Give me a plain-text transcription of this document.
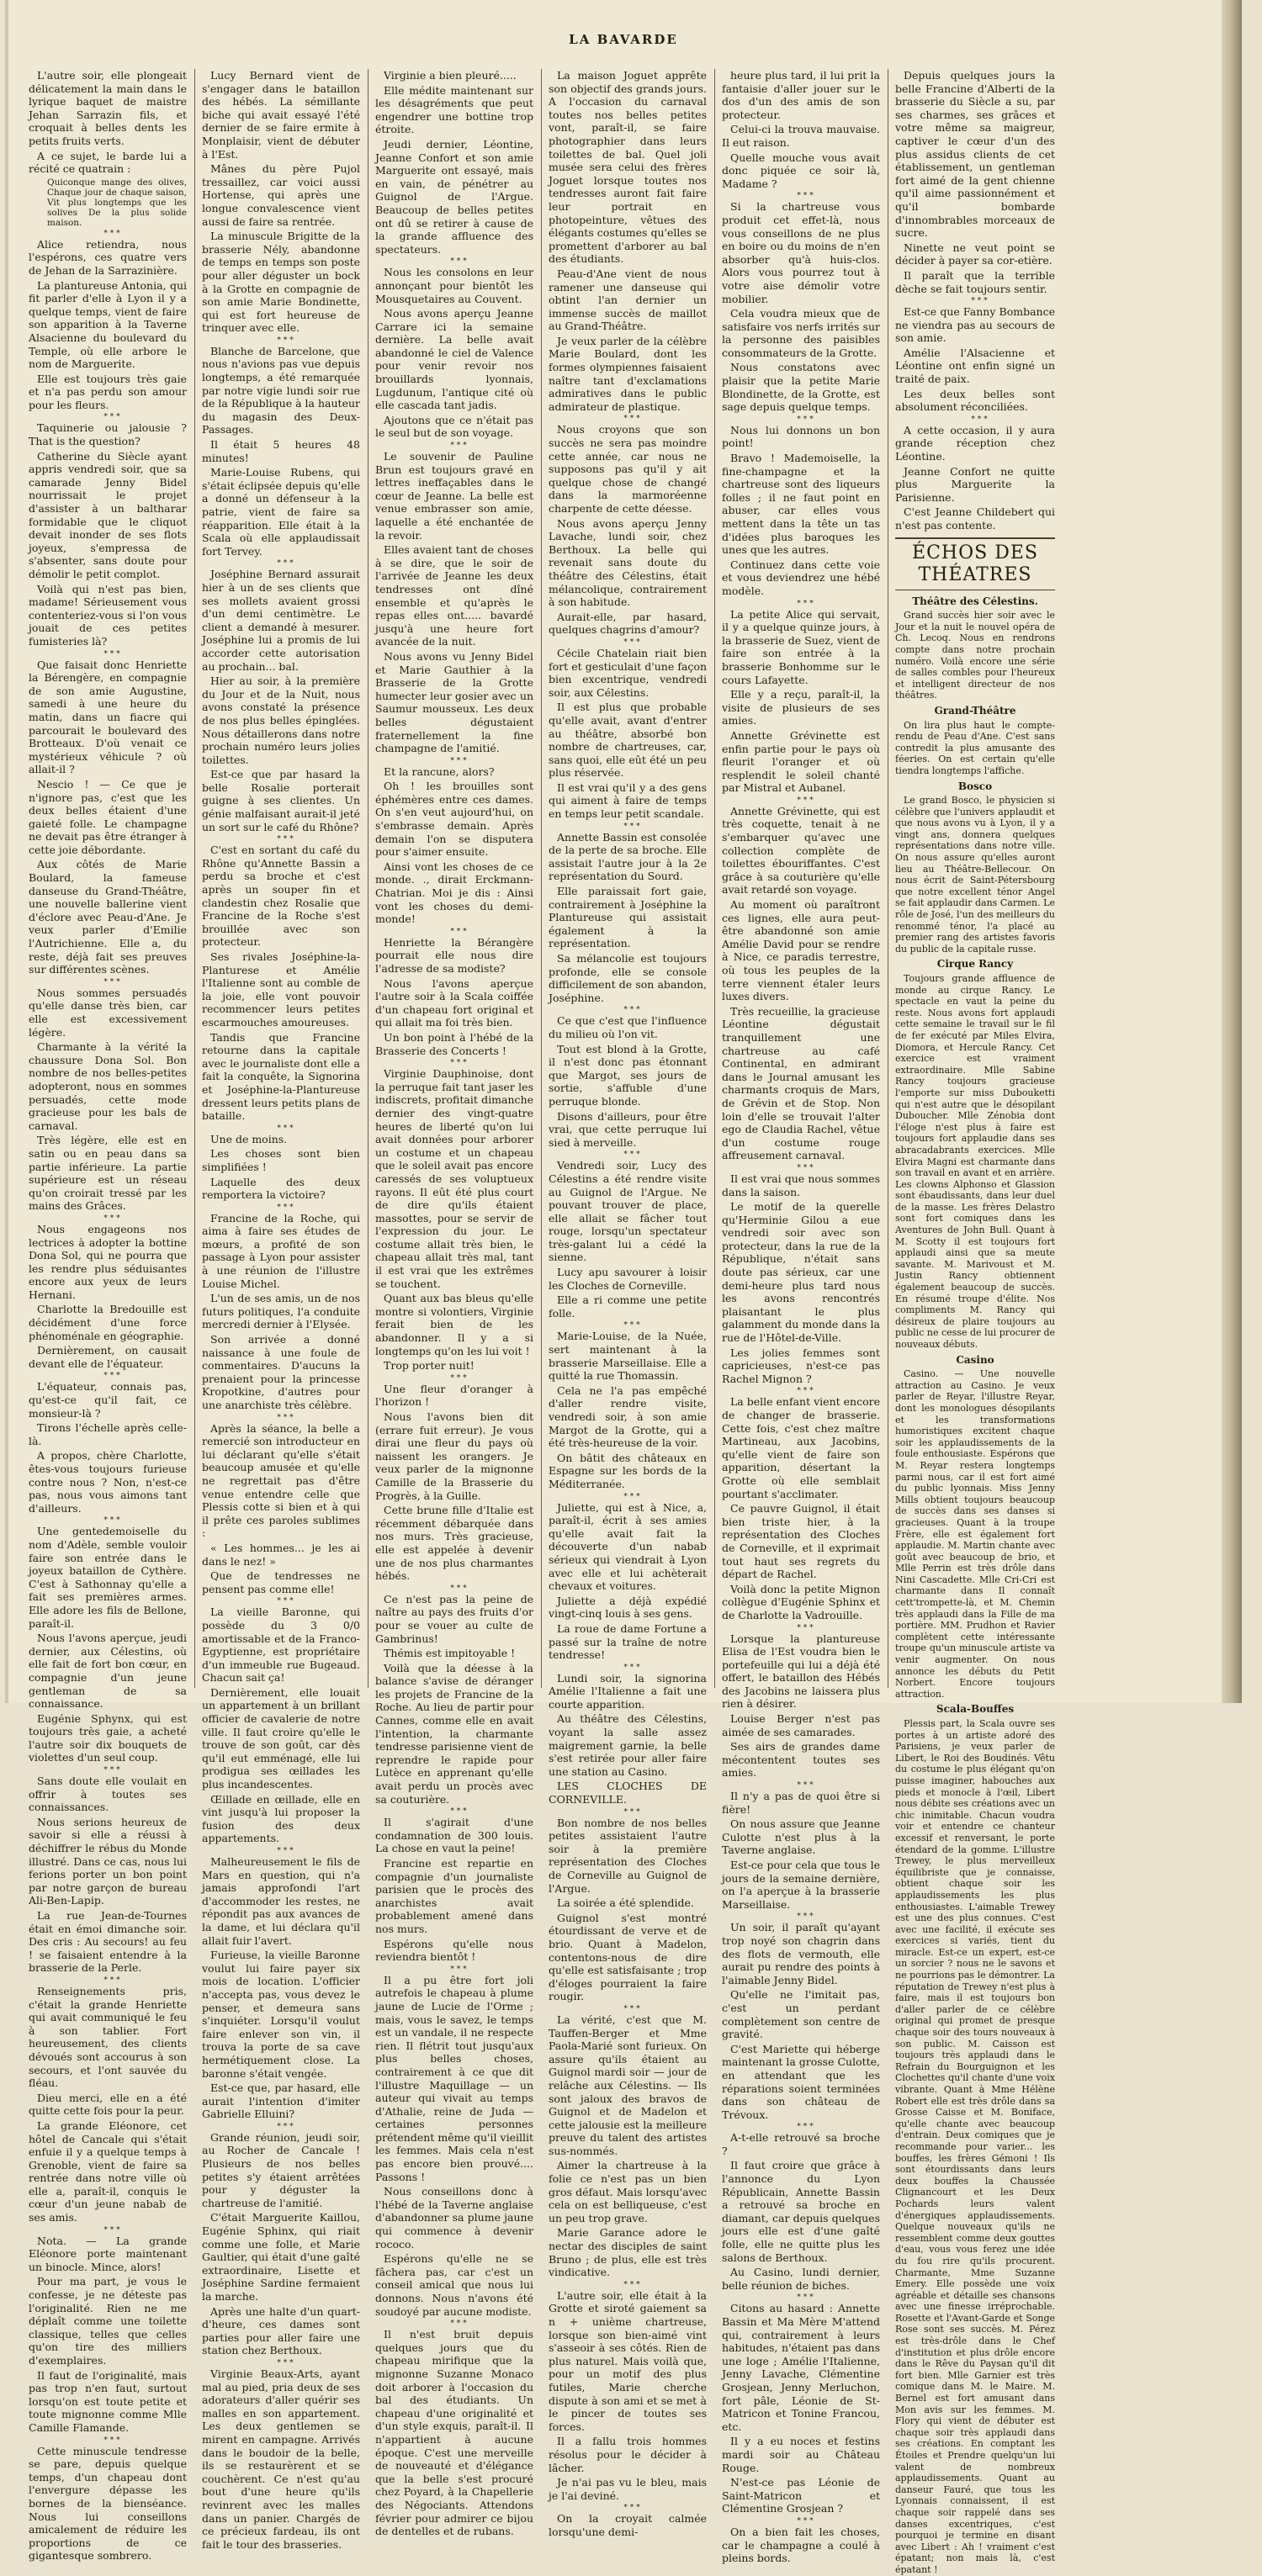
LA BAVARDE

L'autre soir, elle plongeait délicatement la main dans le lyrique baquet de maistre Jehan Sarrazin fils, et croquait à belles dents les petits fruits verts.

A ce sujet, le barde lui a récité ce quatrain :

Quiconque mange des olives, Chaque jour de chaque saison, Vit plus longtemps que les solives De la plus solide maison.

* * *

Alice retiendra, nous l'espérons, ces quatre vers de Jehan de la Sarrazinière.

La plantureuse Antonia, qui fit parler d'elle à Lyon il y a quelque temps, vient de faire son apparition à la Taverne Alsacienne du boulevard du Temple, où elle arbore le nom de Marguerite.

Elle est toujours très gaie et n'a pas perdu son amour pour les fleurs.

* * *

Taquinerie ou jalousie ? That is the question?

Catherine du Siècle ayant appris vendredi soir, que sa camarade Jenny Bidel nourrissait le projet d'assister à un baltharar formidable que le cliquot devait inonder de ses flots joyeux, s'empressa de s'absenter, sans doute pour démolir le petit complot.

Voilà qui n'est pas bien, madame! Sérieusement vous contenteriez-vous si l'on vous jouait de ces petites fumisteries là?

* * *

Que faisait donc Henriette la Bérengère, en compagnie de son amie Augustine, samedi à une heure du matin, dans un fiacre qui parcourait le boulevard des Brotteaux. D'où venait ce mystérieux véhicule ? où allait-il ?

Nescio ! — Ce que je n'ignore pas, c'est que les deux belles étaient d'une gaieté folle. Le champagne ne devait pas être étranger à cette joie débordante.

Aux côtés de Marie Boulard, la fameuse danseuse du Grand-Théâtre, une nouvelle ballerine vient d'éclore avec Peau-d'Ane. Je veux parler d'Emilie l'Autrichienne. Elle a, du reste, déjà fait ses preuves sur différentes scènes.

* * *

Nous sommes persuadés qu'elle danse très bien, car elle est excessivement légère.

Charmante à la vérité la chaussure Dona Sol. Bon nombre de nos belles-petites adopteront, nous en sommes persuadés, cette mode gracieuse pour les bals de carnaval.

Très légère, elle est en satin ou en peau dans sa partie inférieure. La partie supérieure est un réseau qu'on croirait tressé par les mains des Grâces.

* * *

Nous engageons nos lectrices à adopter la bottine Dona Sol, qui ne pourra que les rendre plus séduisantes encore aux yeux de leurs Hernani.

Charlotte la Bredouille est décidément d'une force phénoménale en géographie.

Dernièrement, on causait devant elle de l'équateur.

* * *

L'équateur, connais pas, qu'est-ce qu'il fait, ce monsieur-là ?

Tirons l'échelle après celle-là.

A propos, chère Charlotte, êtes-vous toujours furieuse contre nous ? Non, n'est-ce pas, nous vous aimons tant d'ailleurs.

* * *

Une gentedemoiselle du nom d'Adèle, semble vouloir faire son entrée dans le joyeux bataillon de Cythère. C'est à Sathonnay qu'elle a fait ses premières armes. Elle adore les fils de Bellone, paraît-il.

Nous l'avons aperçue, jeudi dernier, aux Célestins, où elle fait de fort bon cœur, en compagnie d'un jeune gentleman de sa connaissance.

Eugénie Sphynx, qui est toujours très gaie, a acheté l'autre soir dix bouquets de violettes d'un seul coup.

* * *

Sans doute elle voulait en offrir à toutes ses connaissances.

Nous serions heureux de savoir si elle a réussi à déchiffrer le rébus du Monde illustré. Dans ce cas, nous lui ferions porter un bon point par notre garçon de bureau Ali-Ben-Lapip.

La rue Jean-de-Tournes était en émoi dimanche soir. Des cris : Au secours! au feu ! se faisaient entendre à la brasserie de la Perle.

* * *

Renseignements pris, c'était la grande Henriette qui avait communiqué le feu à son tablier. Fort heureusement, des clients dévoués sont accourus à son secours, et l'ont sauvée du fléau.

Dieu merci, elle en a été quitte cette fois pour la peur.

La grande Eléonore, cet hôtel de Cancale qui s'était enfuie il y a quelque temps à Grenoble, vient de faire sa rentrée dans notre ville où elle a, paraît-il, conquis le cœur d'un jeune nabab de ses amis.

* * *

Nota. — La grande Eléonore porte maintenant un binocle. Mince, alors!

Pour ma part, je vous le confesse, je ne déteste pas l'originalité. Rien ne me déplaît comme une toilette classique, telles que celles qu'on tire des milliers d'exemplaires.

Il faut de l'originalité, mais pas trop n'en faut, surtout lorsqu'on est toute petite et toute mignonne comme Mlle Camille Flamande.

* * *

Cette minuscule tendresse se pare, depuis quelque temps, d'un chapeau dont l'envergure dépasse les bornes de la bienséance. Nous lui conseillons amicalement de réduire les proportions de ce gigantesque sombrero.

Lucy Bernard vient de s'engager dans le bataillon des hébés. La sémillante biche qui avait essayé l'été dernier de se faire ermite à Monplaisir, vient de débuter à l'Est.

Mânes du père Pujol tressaillez, car voici aussi Hortense, qui après une longue convalescence vient aussi de faire sa rentrée.

La minuscule Brigitte de la brasserie Nély, abandonne de temps en temps son poste pour aller déguster un bock à la Grotte en compagnie de son amie Marie Bondinette, qui est fort heureuse de trinquer avec elle.

* * *

Blanche de Barcelone, que nous n'avions pas vue depuis longtemps, a été remarquée par notre vigie lundi soir rue de la République à la hauteur du magasin des Deux-Passages.

Il était 5 heures 48 minutes!

Marie-Louise Rubens, qui s'était éclipsée depuis qu'elle a donné un défenseur à la patrie, vient de faire sa réapparition. Elle était à la Scala où elle applaudissait fort Tervey.

* * *

Joséphine Bernard assurait hier à un de ses clients que ses mollets avaient grossi d'un demi centimètre. Le client a demandé à mesurer. Joséphine lui a promis de lui accorder cette autorisation au prochain... bal.

Hier au soir, à la première du Jour et de la Nuit, nous avons constaté la présence de nos plus belles épinglées. Nous détaillerons dans notre prochain numéro leurs jolies toilettes.

Est-ce que par hasard la belle Rosalie porterait guigne à ses clientes. Un génie malfaisant aurait-il jeté un sort sur le café du Rhône?

* * *

C'est en sortant du café du Rhône qu'Annette Bassin a perdu sa broche et c'est après un souper fin et clandestin chez Rosalie que Francine de la Roche s'est brouillée avec son protecteur.

Ses rivales Joséphine-la-Planturese et Amélie l'Italienne sont au comble de la joie, elle vont pouvoir recommencer leurs petites escarmouches amoureuses.

Tandis que Francine retourne dans la capitale avec le journaliste dont elle a fait la conquête, la Signorina et Joséphine-la-Plantureuse dressent leurs petits plans de bataille.

* * *

Une de moins.

Les choses sont bien simplifiées !

Laquelle des deux remportera la victoire?

* * *

Francine de la Roche, qui aima à faire ses études de mœurs, a profité de son passage à Lyon pour assister à une réunion de l'illustre Louise Michel.

L'un de ses amis, un de nos futurs politiques, l'a conduite mercredi dernier à l'Elysée.

Son arrivée a donné naissance à une foule de commentaires. D'aucuns la prenaient pour la princesse Kropotkine, d'autres pour une anarchiste très célèbre.

* * *

Après la séance, la belle a remercié son introducteur en lui déclarant qu'elle s'était beaucoup amusée et qu'elle ne regrettait pas d'être venue entendre celle que Plessis cotte si bien et à qui il prête ces paroles sublimes :

« Les hommes... je les ai dans le nez! »

Que de tendresses ne pensent pas comme elle!

* * *

La vieille Baronne, qui possède du 3 0/0 amortissable et de la Franco-Egyptienne, est propriétaire d'un immeuble rue Bugeaud. Chacun sait ça!

Dernièrement, elle louait un appartement à un brillant officier de cavalerie de notre ville. Il faut croire qu'elle le trouve de son goût, car dès qu'il eut emménagé, elle lui prodigua ses œillades les plus incandescentes.

Œillade en œillade, elle en vint jusqu'à lui proposer la fusion des deux appartements.

* * *

Malheureusement le fils de Mars en question, qui n'a jamais approfondi l'art d'accommoder les restes, ne répondit pas aux avances de la dame, et lui déclara qu'il allait fuir l'avert.

Furieuse, la vieille Baronne voulut lui faire payer six mois de location. L'officier n'accepta pas, vous devez le penser, et demeura sans s'inquiéter. Lorsqu'il voulut faire enlever son vin, il trouva la porte de sa cave hermétiquement close. La baronne s'était vengée.

Est-ce que, par hasard, elle aurait l'intention d'imiter Gabrielle Elluini?

* * *

Grande réunion, jeudi soir, au Rocher de Cancale ! Plusieurs de nos belles petites s'y étaient arrêtées pour y déguster la chartreuse de l'amitié.

C'était Marguerite Kaillou, Eugénie Sphinx, qui riait comme une folle, et Marie Gaultier, qui était d'une gaîté extraordinaire, Lisette et Joséphine Sardine fermaient la marche.

Après une halte d'un quart-d'heure, ces dames sont parties pour aller faire une station chez Berthoux.

* * *

Virginie Beaux-Arts, ayant mal au pied, pria deux de ses adorateurs d'aller quérir ses malles en son appartement. Les deux gentlemen se mirent en campagne. Arrivés dans le boudoir de la belle, ils se restaurèrent et se couchèrent. Ce n'est qu'au bout d'une heure qu'ils revinrent avec les malles dans un panier. Chargés de ce précieux fardeau, ils ont fait le tour des brasseries.

Virginie a bien pleuré.....

Elle médite maintenant sur les désagréments que peut engendrer une bottine trop étroite.

Jeudi dernier, Léontine, Jeanne Confort et son amie Marguerite ont essayé, mais en vain, de pénétrer au Guignol de l'Argue. Beaucoup de belles petites ont dû se retirer à cause de la grande affluence des spectateurs.

* * *

Nous les consolons en leur annonçant pour bientôt les Mousquetaires au Couvent.

Nous avons aperçu Jeanne Carrare ici la semaine dernière. La belle avait abandonné le ciel de Valence pour venir revoir nos brouillards lyonnais, Lugdunum, l'antique cité où elle cascada tant jadis.

Ajoutons que ce n'était pas le seul but de son voyage.

* * *

Le souvenir de Pauline Brun est toujours gravé en lettres ineffaçables dans le cœur de Jeanne. La belle est venue embrasser son amie, laquelle a été enchantée de la revoir.

Elles avaient tant de choses à se dire, que le soir de l'arrivée de Jeanne les deux tendresses ont dîné ensemble et qu'après le repas elles ont..... bavardé jusqu'à une heure fort avancée de la nuit.

Nous avons vu Jenny Bidel et Marie Gauthier à la Brasserie de la Grotte humecter leur gosier avec un Saumur mousseux. Les deux belles dégustaient fraternellement la fine champagne de l'amitié.

* * *

Et la rancune, alors?

Oh ! les brouilles sont éphémères entre ces dames. On s'en veut aujourd'hui, on s'embrasse demain. Après demain l'on se disputera pour s'aimer ensuite.

Ainsi vont les choses de ce monde. ., dirait Erckmann-Chatrian. Moi je dis : Ainsi vont les choses du demi-monde!

* * *

Henriette la Bérangère pourrait elle nous dire l'adresse de sa modiste?

Nous l'avons aperçue l'autre soir à la Scala coiffée d'un chapeau fort original et qui allait ma foi très bien.

Un bon point à l'hébé de la Brasserie des Concerts !

* * *

Virginie Dauphinoise, dont la perruque fait tant jaser les indiscrets, profitait dimanche dernier des vingt-quatre heures de liberté qu'on lui avait données pour arborer un costume et un chapeau que le soleil avait pas encore caressés de ses voluptueux rayons. Il eût été plus court de dire qu'ils étaient massottes, pour se servir de l'expression du jour. Le costume allait très bien, le chapeau allait très mal, tant il est vrai que les extrêmes se touchent.

Quant aux bas bleus qu'elle montre si volontiers, Virginie ferait bien de les abandonner. Il y a si longtemps qu'on les lui voit !

Trop porter nuit!

* * *

Une fleur d'oranger à l'horizon !

Nous l'avons bien dit (errare fuit erreur). Je vous dirai une fleur du pays où naissent les orangers. Je veux parler de la mignonne Camille de la Brasserie du Progrès, à la Guille.

Cette brune fille d'Italie est récemment débarquée dans nos murs. Très gracieuse, elle est appelée à devenir une de nos plus charmantes hébés.

* * *

Ce n'est pas la peine de naître au pays des fruits d'or pour se vouer au culte de Gambrinus!

Thémis est impitoyable !

Voilà que la déesse à la balance s'avise de déranger les projets de Francine de la Roche. Au lieu de partir pour Cannes, comme elle en avait l'intention, la charmante tendresse parisienne vient de reprendre le rapide pour Lutèce en apprenant qu'elle avait perdu un procès avec sa couturière.

* * *

Il s'agirait d'une condamnation de 300 louis. La chose en vaut la peine!

Francine est repartie en compagnie d'un journaliste parisien que le procès des anarchistes avait probablement amené dans nos murs.

Espérons qu'elle nous reviendra bientôt !

* * *

Il a pu être fort joli autrefois le chapeau à plume jaune de Lucie de l'Orme ; mais, vous le savez, le temps est un vandale, il ne respecte rien. Il flétrit tout jusqu'aux plus belles choses, contrairement à ce que dit l'illustre Maquillage — un auteur qui vivait au temps d'Athalie, reine de Juda — certaines personnes prétendent même qu'il vieillit les femmes. Mais cela n'est pas encore bien prouvé.... Passons !

Nous conseillons donc à l'hébé de la Taverne anglaise d'abandonner sa plume jaune qui commence à devenir rococo.

Espérons qu'elle ne se fâchera pas, car c'est un conseil amical que nous lui donnons. Nous n'avons été soudoyé par aucune modiste.

* * *

Il n'est bruit depuis quelques jours que du chapeau mirifique que la mignonne Suzanne Monaco doit arborer à l'occasion du bal des étudiants. Un chapeau d'une originalité et d'un style exquis, paraît-il. Il n'appartient à aucune époque. C'est une merveille de nouveauté et d'élégance que la belle s'est procuré chez Poyard, à la Chapellerie des Négociants. Attendons février pour admirer ce bijou de dentelles et de rubans.

La maison Joguet apprête son objectif des grands jours. A l'occasion du carnaval toutes nos belles petites vont, paraît-il, se faire photographier dans leurs toilettes de bal. Quel joli musée sera celui des frères Joguet lorsque toutes nos tendresses auront fait faire leur portrait en photopeinture, vêtues des élégants costumes qu'elles se promettent d'arborer au bal des étudiants.

Peau-d'Ane vient de nous ramener une danseuse qui obtint l'an dernier un immense succès de maillot au Grand-Théâtre.

Je veux parler de la célèbre Marie Boulard, dont les formes olympiennes faisaient naître tant d'exclamations admiratives dans le public admirateur de plastique.

* * *

Nous croyons que son succès ne sera pas moindre cette année, car nous ne supposons pas qu'il y ait quelque chose de changé dans la marmoréenne charpente de cette déesse.

Nous avons aperçu Jenny Lavache, lundi soir, chez Berthoux. La belle qui revenait sans doute du théâtre des Célestins, était mélancolique, contrairement à son habitude.

Aurait-elle, par hasard, quelques chagrins d'amour?

* * *

Cécile Chatelain riait bien fort et gesticulait d'une façon bien excentrique, vendredi soir, aux Célestins.

Il est plus que probable qu'elle avait, avant d'entrer au théâtre, absorbé bon nombre de chartreuses, car, sans quoi, elle eût été un peu plus réservée.

Il est vrai qu'il y a des gens qui aiment à faire de temps en temps leur petit scandale.

* * *

Annette Bassin est consolée de la perte de sa broche. Elle assistait l'autre jour à la 2e représentation du Sourd.

Elle paraissait fort gaie, contrairement à Joséphine la Plantureuse qui assistait également à la représentation.

Sa mélancolie est toujours profonde, elle se console difficilement de son abandon, Joséphine.

* * *

Ce que c'est que l'influence du milieu où l'on vit.

Tout est blond à la Grotte, il n'est donc pas étonnant que Margot, ses jours de sortie, s'affuble d'une perruque blonde.

Disons d'ailleurs, pour être vrai, que cette perruque lui sied à merveille.

* * *

Vendredi soir, Lucy des Célestins a été rendre visite au Guignol de l'Argue. Ne pouvant trouver de place, elle allait se fâcher tout rouge, lorsqu'un spectateur très-galant lui a cédé la sienne.

Lucy apu savourer à loisir les Cloches de Corneville.

Elle a ri comme une petite folle.

* * *

Marie-Louise, de la Nuée, sert maintenant à la brasserie Marseillaise. Elle a quitté la rue Thomassin.

Cela ne l'a pas empêché d'aller rendre visite, vendredi soir, à son amie Margot de la Grotte, qui a été très-heureuse de la voir.

On bâtit des châteaux en Espagne sur les bords de la Méditerranée.

* * *

Juliette, qui est à Nice, a, paraît-il, écrit à ses amies qu'elle avait fait la découverte d'un nabab sérieux qui viendrait à Lyon avec elle et lui achèterait chevaux et voitures.

Juliette a déjà expédié vingt-cinq louis à ses gens.

La roue de dame Fortune a passé sur la traîne de notre tendresse!

* * *

Lundi soir, la signorina Amélie l'Italienne a fait une courte apparition.

Au théâtre des Célestins, voyant la salle assez maigrement garnie, la belle s'est retirée pour aller faire une station au Casino.

LES CLOCHES DE CORNEVILLE.

* * *

Bon nombre de nos belles petites assistaient l'autre soir à la première représentation des Cloches de Corneville au Guignol de l'Argue.

La soirée a été splendide.

Guignol s'est montré étourdissant de verve et de brio. Quant à Madelon, contentons-nous de dire qu'elle est satisfaisante ; trop d'éloges pourraient la faire rougir.

* * *

La vérité, c'est que M. Tauffen-Berger et Mme Paola-Marié sont furieux. On assure qu'ils étaient au Guignol mardi soir — jour de relâche aux Célestins. — Ils sont jaloux des bravos de Guignol et de Madelon et cette jalousie est la meilleure preuve du talent des artistes sus-nommés.

Aimer la chartreuse à la folie ce n'est pas un bien gros défaut. Mais lorsqu'avec cela on est belliqueuse, c'est un peu trop grave.

Marie Garance adore le nectar des disciples de saint Bruno ; de plus, elle est très vindicative.

* * *

L'autre soir, elle était à la Grotte et siroté gaiement sa n + unième chartreuse, lorsque son bien-aimé vint s'asseoir à ses côtés. Rien de plus naturel. Mais voilà que, pour un motif des plus futiles, Marie cherche dispute à son ami et se met à le pincer de toutes ses forces.

Il a fallu trois hommes résolus pour le décider à lâcher.

Je n'ai pas vu le bleu, mais je l'ai deviné.

* * *

On la croyait calmée lorsqu'une demi-

heure plus tard, il lui prit la fantaisie d'aller jouer sur le dos d'un des amis de son protecteur.

Celui-ci la trouva mauvaise. Il eut raison.

Quelle mouche vous avait donc piquée ce soir là, Madame ?

* * *

Si la chartreuse vous produit cet effet-là, nous vous conseillons de ne plus en boire ou du moins de n'en absorber qu'à huis-clos. Alors vous pourrez tout à votre aise démolir votre mobilier.

Cela voudra mieux que de satisfaire vos nerfs irrités sur la personne des paisibles consommateurs de la Grotte.

Nous constatons avec plaisir que la petite Marie Blondinette, de la Grotte, est sage depuis quelque temps.

* * *

Nous lui donnons un bon point!

Bravo ! Mademoiselle, la fine-champagne et la chartreuse sont des liqueurs folles ; il ne faut point en abuser, car elles vous mettent dans la tête un tas d'idées plus baroques les unes que les autres.

Continuez dans cette voie et vous deviendrez une hébé modèle.

* * *

La petite Alice qui servait, il y a quelque quinze jours, à la brasserie de Suez, vient de faire son entrée à la brasserie Bonhomme sur le cours Lafayette.

Elle y a reçu, paraît-il, la visite de plusieurs de ses amies.

Annette Grévinette est enfin partie pour le pays où fleurit l'oranger et où resplendit le soleil chanté par Mistral et Aubanel.

* * *

Annette Grévinette, qui est très coquette, tenait à ne s'embarquer qu'avec une collection complète de toilettes ébouriffantes. C'est grâce à sa couturière qu'elle avait retardé son voyage.

Au moment où paraîtront ces lignes, elle aura peut-être abandonné son amie Amélie David pour se rendre à Nice, ce paradis terrestre, où tous les peuples de la terre viennent étaler leurs luxes divers.

Très recueillie, la gracieuse Léontine dégustait tranquillement une chartreuse au café Continental, en admirant dans le Journal amusant les charmants croquis de Mars, de Grévin et de Stop. Non loin d'elle se trouvait l'alter ego de Claudia Rachel, vêtue d'un costume rouge affreusement carnaval.

* * *

Il est vrai que nous sommes dans la saison.

Le motif de la querelle qu'Herminie Gilou a eue vendredi soir avec son protecteur, dans la rue de la République, n'était sans doute pas sérieux, car une demi-heure plus tard nous les avons rencontrés plaisantant le plus galamment du monde dans la rue de l'Hôtel-de-Ville.

Les jolies femmes sont capricieuses, n'est-ce pas Rachel Mignon ?

* * *

La belle enfant vient encore de changer de brasserie. Cette fois, c'est chez maître Martineau, aux Jacobins, qu'elle vient de faire son apparition, désertant la Grotte où elle semblait pourtant s'acclimater.

Ce pauvre Guignol, il était bien triste hier, à la représentation des Cloches de Corneville, et il exprimait tout haut ses regrets du départ de Rachel.

Voilà donc la petite Mignon collègue d'Eugénie Sphinx et de Charlotte la Vadrouille.

* * *

Lorsque la plantureuse Elisa de l'Est voudra bien le portefeuille qui lui a déjà été offert, le bataillon des Hébés des Jacobins ne laissera plus rien à désirer.

Louise Berger n'est pas aimée de ses camarades.

Ses airs de grandes dame mécontentent toutes ses amies.

* * *

Il n'y a pas de quoi être si fière!

On nous assure que Jeanne Culotte n'est plus à la Taverne anglaise.

Est-ce pour cela que tous le jours de la semaine dernière, on l'a aperçue à la brasserie Marseillaise.

* * *

Un soir, il paraît qu'ayant trop noyé son chagrin dans des flots de vermouth, elle aurait pu rendre des points à l'aimable Jenny Bidel.

Qu'elle ne l'imitait pas, c'est un perdant complètement son centre de gravité.

C'est Mariette qui héberge maintenant la grosse Culotte, en attendant que les réparations soient terminées dans son château de Trévoux.

* * *

A-t-elle retrouvé sa broche ?

Il faut croire que grâce à l'annonce du Lyon Républicain, Annette Bassin a retrouvé sa broche en diamant, car depuis quelques jours elle est d'une gaîté folle, elle ne quitte plus les salons de Berthoux.

Au Casino, lundi dernier, belle réunion de biches.

* * *

Citons au hasard : Annette Bassin et Ma Mère M'attend qui, contrairement à leurs habitudes, n'étaient pas dans une loge ; Amélie l'Italienne, Jenny Lavache, Clémentine Grosjean, Jenny Merluchon, fort pâle, Léonie de St-Matricon et Tonine Francou, etc.

Il y a eu noces et festins mardi soir au Château Rouge.

N'est-ce pas Léonie de Saint-Matricon et Clémentine Grosjean ?

* * *

On a bien fait les choses, car le champagne a coulé à pleins bords.

Depuis quelques jours la belle Francine d'Alberti de la brasserie du Siècle a su, par ses charmes, ses grâces et votre même sa maigreur, captiver le cœur d'un des plus assidus clients de cet établissement, un gentleman fort aimé de la gent chienne qu'il aime passionnément et qu'il bombarde d'innombrables morceaux de sucre.

Ninette ne veut point se décider à payer sa cor-etière.

Il paraît que la terrible dèche se fait toujours sentir.

* * *

Est-ce que Fanny Bombance ne viendra pas au secours de son amie.

Amélie l'Alsacienne et Léontine ont enfin signé un traité de paix.

Les deux belles sont absolument réconciliées.

* * *

A cette occasion, il y aura grande réception chez Léontine.

Jeanne Confort ne quitte plus Marguerite la Parisienne.

C'est Jeanne Childebert qui n'est pas contente.

ÉCHOS DES THÉATRES
Théâtre des Célestins.

Grand succès hier soir avec le Jour et la nuit le nouvel opéra de Ch. Lecoq. Nous en rendrons compte dans notre prochain numéro. Voilà encore une série de salles combles pour l'heureux et intelligent directeur de nos théâtres.

Grand-Théâtre

On lira plus haut le compte-rendu de Peau d'Ane. C'est sans contredit la plus amusante des féeries. On est certain qu'elle tiendra longtemps l'affiche.

Bosco

Le grand Bosco, le physicien si célèbre que l'univers applaudit et que nous avons vu à Lyon, il y a vingt ans, donnera quelques représentations dans notre ville. On nous assure qu'elles auront lieu au Théâtre-Bellecour. On nous écrit de Saint-Pétersbourg que notre excellent ténor Angel se fait applaudir dans Carmen. Le rôle de José, l'un des meilleurs du renommé ténor, l'a placé au premier rang des artistes favoris du public de la capitale russe.

Cirque Rancy

Toujours grande affluence de monde au cirque Rancy. Le spectacle en vaut la peine du reste. Nous avons fort applaudi cette semaine le travail sur le fil de fer exécuté par Miles Elvira, Diomora, et Hercule Rancy. Cet exercice est vraiment extraordinaire. Mlle Sabine Rancy toujours gracieuse l'emporte sur miss Dubouketti qui n'est autre que le désopilant Duboucher. Mlle Zénobia dont l'éloge n'est plus à faire est toujours fort applaudie dans ses abracadabrants exercices. Mlle Elvira Magni est charmante dans son travail en avant et en arrière. Les clowns Alphonso et Glassion sont ébaudissants, dans leur duel de la masse. Les frères Delastro sont fort comiques dans les Aventures de John Bull. Quant à M. Scotty il est toujours fort applaudi ainsi que sa meute savante. M. Marivoust et M. Justin Rancy obtiennent également beaucoup de succès. En résumé troupe d'élite. Nos compliments M. Rancy qui désireux de plaire toujours au public ne cesse de lui procurer de nouveaux débuts.

Casino

Casino. — Une nouvelle attraction au Casino. Je veux parler de Reyar, l'illustre Reyar, dont les monologues désopilants et les transformations humoristiques excitent chaque soir les applaudissements de la foule enthousiaste. Espérons que M. Reyar restera longtemps parmi nous, car il est fort aimé du public lyonnais. Miss Jenny Mills obtient toujours beaucoup de succès dans ses danses si gracieuses. Quant à la troupe Frère, elle est également fort applaudie. M. Martin chante avec goût avec beaucoup de brio, et Mlle Perrin est très drôle dans Nini Cascadette. Mlle Cri-Cri est charmante dans Il connaît cett'trompette-là, et M. Chemin très applaudi dans la Fille de ma portière. MM. Prudhon et Ravier complètent cette intéressante troupe qu'un minuscule artiste va venir augmenter. On nous annonce les débuts du Petit Norbert. Encore toujours attraction.

Scala-Bouffes

Plessis part, la Scala ouvre ses portes à un artiste adoré des Parisiens, je veux parler de Libert, le Roi des Boudinés. Vêtu du costume le plus élégant qu'on puisse imaginer, habouches aux pieds et monocle à l'œil, Libert nous débite ses créations avec un chic inimitable. Chacun voudra voir et entendre ce chanteur excessif et renversant, le porte étendard de la gomme. L'illustre Trewey, le plus merveilleux équilibriste que je connaisse, obtient chaque soir les applaudissements les plus enthousiastes. L'aimable Trewey est une des plus connues. C'est avec une facilité, il exécute ses exercices si variés, tient du miracle. Est-ce un expert, est-ce un sorcier ? nous ne le savons et ne pourrions pas le démontrer. La réputation de Trewey n'est plus à faire, mais il est toujours bon d'aller parler de ce célèbre original qui promet de presque chaque soir des tours nouveaux à son public. M. Caisson est toujours très applaudi dans le Refrain du Bourguignon et les Clochettes qu'il chante d'une voix vibrante. Quant à Mme Hélène Robert elle est très drôle dans sa Grosse Caisse et M. Boniface, qu'elle chante avec beaucoup d'entrain. Deux comiques que je recommande pour varier... les bouffes, les frères Gémoni ! Ils sont étourdissants dans leurs deux bouffes la Chaussée Clignancourt et les Deux Pochards leurs valent d'énergiques applaudissements. Quelque nouveaux qu'ils ne ressemblent comme deux gouttes d'eau, vous vous ferez une idée du fou rire qu'ils procurent. Charmante, Mme Suzanne Emery. Elle possède une voix agréable et détaille ses chansons avec une finesse irréprochable. Rosette et l'Avant-Garde et Songe Rose sont ses succès. M. Pérez est très-drôle dans le Chef d'institution et plus drôle encore dans le Rêve du Paysan qu'il dit fort bien. Mlle Garnier est très comique dans M. le Maire. M. Bernel est fort amusant dans Mon avis sur les femmes. M. Flory qui vient de débuter est chaque soir très applaudi dans ses créations. En comptant les Étoiles et Prendre quelqu'un lui valent de nombreux applaudissements. Quant au danseur Fauré, que tous les Lyonnais connaissent, il est chaque soir rappelé dans ses danses excentriques, c'est pourquoi je termine en disant avec Libert : Ah ! vraiment c'est épatant; non mais là, c'est épatant !
